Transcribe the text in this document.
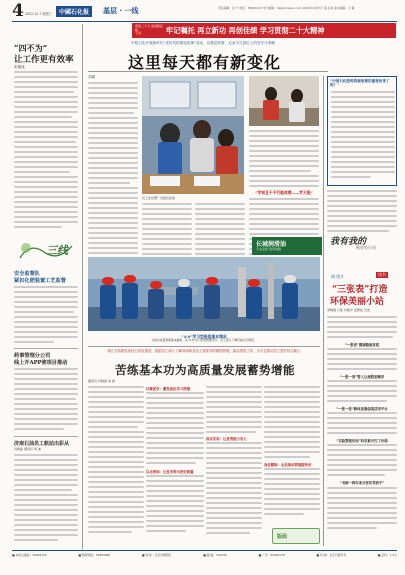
4 2022.12.7 星期三	中國石化报	基层 · 一线	责任编辑：张 宁 电话：59963123 电子邮箱：dw@sinopec.com 2022年12月7日 第 4 版 美术编辑：王 蓉
喜迎二十大 奋进新征程
专题	牢记嘱托 再立新功 再创佳绩 学习贯彻二十大精神
“四不为”
让工作更有效率
宋德成
三线
安全监督队
紧扣化肥装置工艺监督
药事管理分公司
线上开APP使项目推动
济南石油员工航站出彩从
肖晓丽 通讯员 刘 迪
中原石化开展新时代“讲好党的建设故事”活动，以基层故事，记录平凡岗位上的坚守与奉献
这里每天都有新变化
刘斌
员工在化肥厂设备区检查
“学知互干不行能改善——学大班”
“中国石化肥料资源收费的重要改革了吗？”
长城润滑油
专业品质 值得信赖
我有我的
秋里有行动
调 图片	读书
“三张表”打造
环保美丽小站
李晓晨 口述 肖振中 吴德成 记录
“一张表”摸清隐患家底
“一张一表”管人让流程更顺序
“一张一表”修改加强创客活用平台
“实验管理有权”科学系开打工作保
“书面一线车来分更有考研不”
“4·6”学习型班组基本情况
为落实质量管理基本措施，在“4·6”学习型班组建设中，员工深入了解设备运行情况。
第江石油建设加快日常化建设，鼓励员工深入了解现场和业务主管领导的精细管理，落实绩效工作，全方位推动员工提升综合能力
苦练基本功为高质量发展蓄势增能
通讯员 肖晓丽 刘 迪
以赛促学：激发岗位学习热情
以点带面：让技术带出更好质量
综合实训：让优秀能力有力
岗位精细：全员推动管理服务好
版面
■ 本报总编室：59963115	■ 新闻热线：59963066	■ 地 址：北京市朝阳区	■ 邮 编：100728	■ 广告：59963178	■ 印 刷：北京日报印务	■ 定价：1.5元
